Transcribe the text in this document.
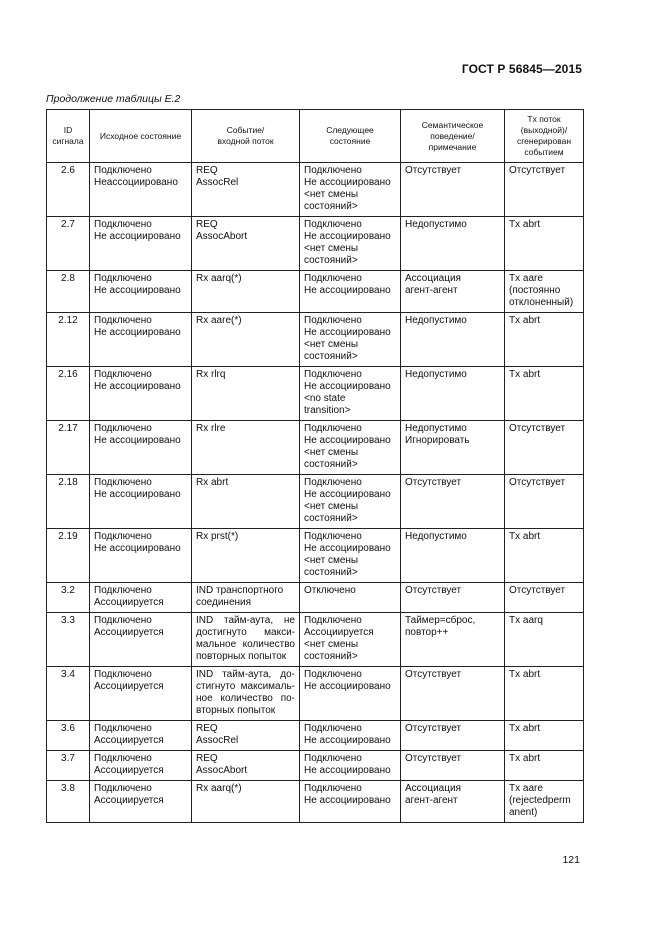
ГОСТ Р 56845—2015
Продолжение таблицы Е.2
ID
сигнала	Исходное состояние	Событие/
входной поток	Следующее
состояние	Семантическое
поведение/
примечание	Tx поток
(выходной)/
сгенерирован
событием

2.6	Подключено
Неассоциировано	REQ
AssocRel	Подключено
Не ассоциировано
<нет смены
состояний>	Отсутствует	Отсутствует

2.7	Подключено
Не ассоциировано	REQ
AssocAbort	Подключено
Не ассоциировано
<нет смены
состояний>	Недопустимо	Tx abrt

2.8	Подключено
Не ассоциировано	Rx aarq(*)	Подключено
Не ассоциировано	Ассоциация
агент-агент	Tx aare
(постоянно
отклоненный)

2.12	Подключено
Не ассоциировано	Rx aare(*)	Подключено
Не ассоциировано
<нет смены
состояний>	Недопустимо	Tx abrt

2.16	Подключено
Не ассоциировано	Rx rlrq	Подключено
Не ассоциировано
<no state
transition>	Недопустимо	Tx abrt

2.17	Подключено
Не ассоциировано	Rx rlre	Подключено
Не ассоциировано
<нет смены
состояний>	Недопустимо
Игнорировать	Отсутствует

2.18	Подключено
Не ассоциировано	Rx abrt	Подключено
Не ассоциировано
<нет смены
состояний>	Отсутствует	Отсутствует

2.19	Подключено
Не ассоциировано	Rx prst(*)	Подключено
Не ассоциировано
<нет смены
состояний>	Недопустимо	Tx abrt

3.2	Подключено
Ассоциируется	IND транспортного
соединения	Отключено	Отсутствует	Отсутствует

3.3	Подключено
Ассоциируется	IND тайм-аута, не
достигнуто макси-
мальное количество
повторных попыток	Подключено
Ассоциируется
<нет смены
состояний>	Таймер=сброс,
повтор++	Tx aarq

3.4	Подключено
Ассоциируется	IND тайм-аута, до-
стигнуто максималь-
ное количество по-
вторных попыток	Подключено
Не ассоциировано	Отсутствует	Tx abrt

3.6	Подключено
Ассоциируется	REQ
AssocRel	Подключено
Не ассоциировано	Отсутствует	Tx abrt

3.7	Подключено
Ассоциируется	REQ
AssocAbort	Подключено
Не ассоциировано	Отсутствует	Tx abrt

3.8	Подключено
Ассоциируется	Rx aarq(*)	Подключено
Не ассоциировано	Ассоциация
агент-агент	Tx aare
(rejectedperm
anent)
121
